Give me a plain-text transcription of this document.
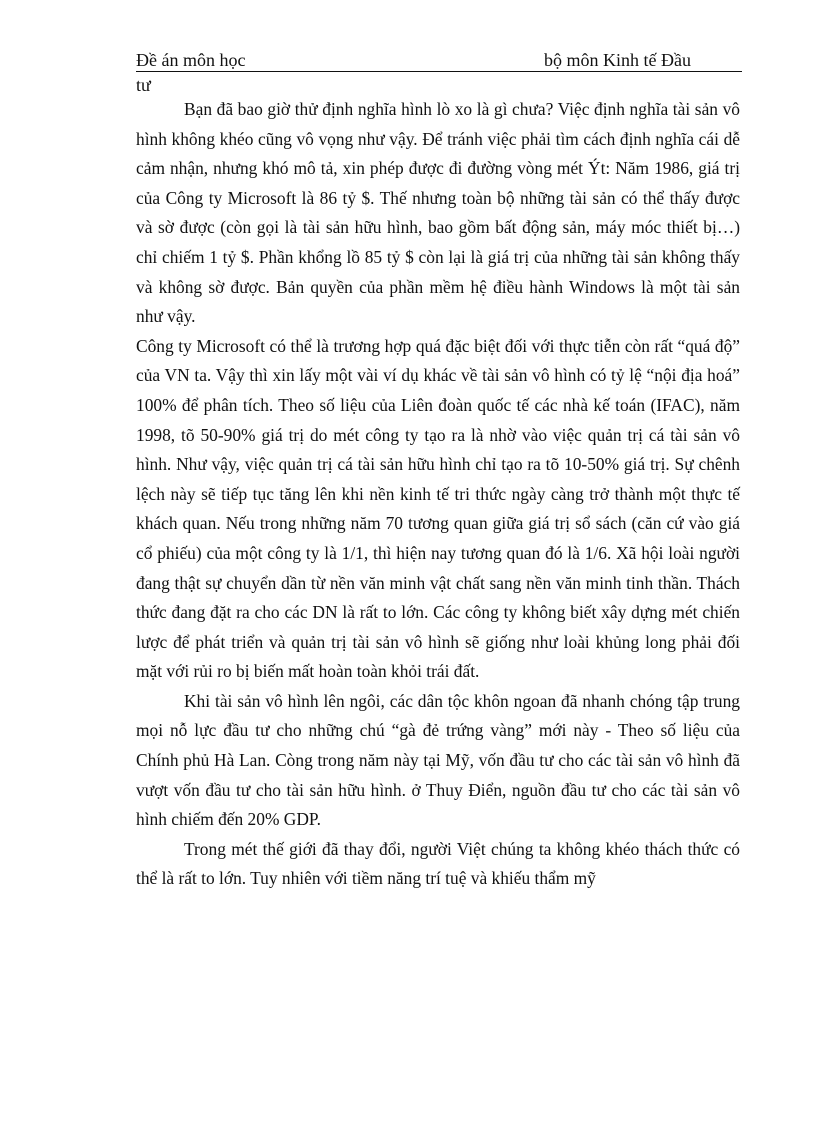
Đề án môn học	bộ môn Kinh tế Đầu
tư

Bạn đã bao giờ thử định nghĩa hình lò xo là gì chưa? Việc định nghĩa tài sản vô hình không khéo cũng vô vọng như vậy. Để tránh việc phải tìm cách định nghĩa cái dễ cảm nhận, nhưng khó mô tả, xin phép được đi đường vòng mét Ýt: Năm 1986, giá trị của Công ty Microsoft là 86 tỷ $. Thế nhưng toàn bộ những tài sản có thể thấy được và sờ được (còn gọi là tài sản hữu hình, bao gồm bất động sản, máy móc thiết bị…) chỉ chiếm 1 tỷ $. Phần khổng lồ 85 tỷ $ còn lại là giá trị của những tài sản không thấy và không sờ được. Bản quyền của phần mềm hệ điều hành Windows là một tài sản như vậy.

Công ty Microsoft có thể là trương hợp quá đặc biệt đối với thực tiễn còn rất “quá độ” của VN ta. Vậy thì xin lấy một vài ví dụ khác về tài sản vô hình có tỷ lệ “nội địa hoá” 100% để phân tích. Theo số liệu của Liên đoàn quốc tế các nhà kế toán (IFAC), năm 1998, tõ 50-90% giá trị do mét công ty tạo ra là nhờ vào việc quản trị cá tài sản vô hình. Như vậy, việc quản trị cá tài sản hữu hình chỉ tạo ra tõ 10-50% giá trị. Sự chênh lệch này sẽ tiếp tục tăng lên khi nền kinh tế tri thức ngày càng trở thành một thực tế khách quan. Nếu trong những năm 70 tương quan giữa giá trị sổ sách (căn cứ vào giá cổ phiếu) của một công ty là 1/1, thì hiện nay tương quan đó là 1/6. Xã hội loài người đang thật sự chuyển dần từ nền văn minh vật chất sang nền văn minh tinh thần. Thách thức đang đặt ra cho các DN là rất to lớn. Các công ty không biết xây dựng mét chiến lược để phát triển và quản trị tài sản vô hình sẽ giống như loài khủng long phải đối mặt với rủi ro bị biến mất hoàn toàn khỏi trái đất.

Khi tài sản vô hình lên ngôi, các dân tộc khôn ngoan đã nhanh chóng tập trung mọi nỗ lực đầu tư cho những chú “gà đẻ trứng vàng” mới này - Theo số liệu của Chính phủ Hà Lan. Còng trong năm này tại Mỹ, vốn đầu tư cho các tài sản vô hình đã vượt vốn đầu tư cho tài sản hữu hình. ở Thuy Điển, nguồn đầu tư cho các tài sản vô hình chiếm đến 20% GDP.

Trong mét thế giới đã thay đổi, người Việt chúng ta không khéo thách thức có thể là rất to lớn. Tuy nhiên với tiềm năng trí tuệ và khiếu thẩm mỹ
